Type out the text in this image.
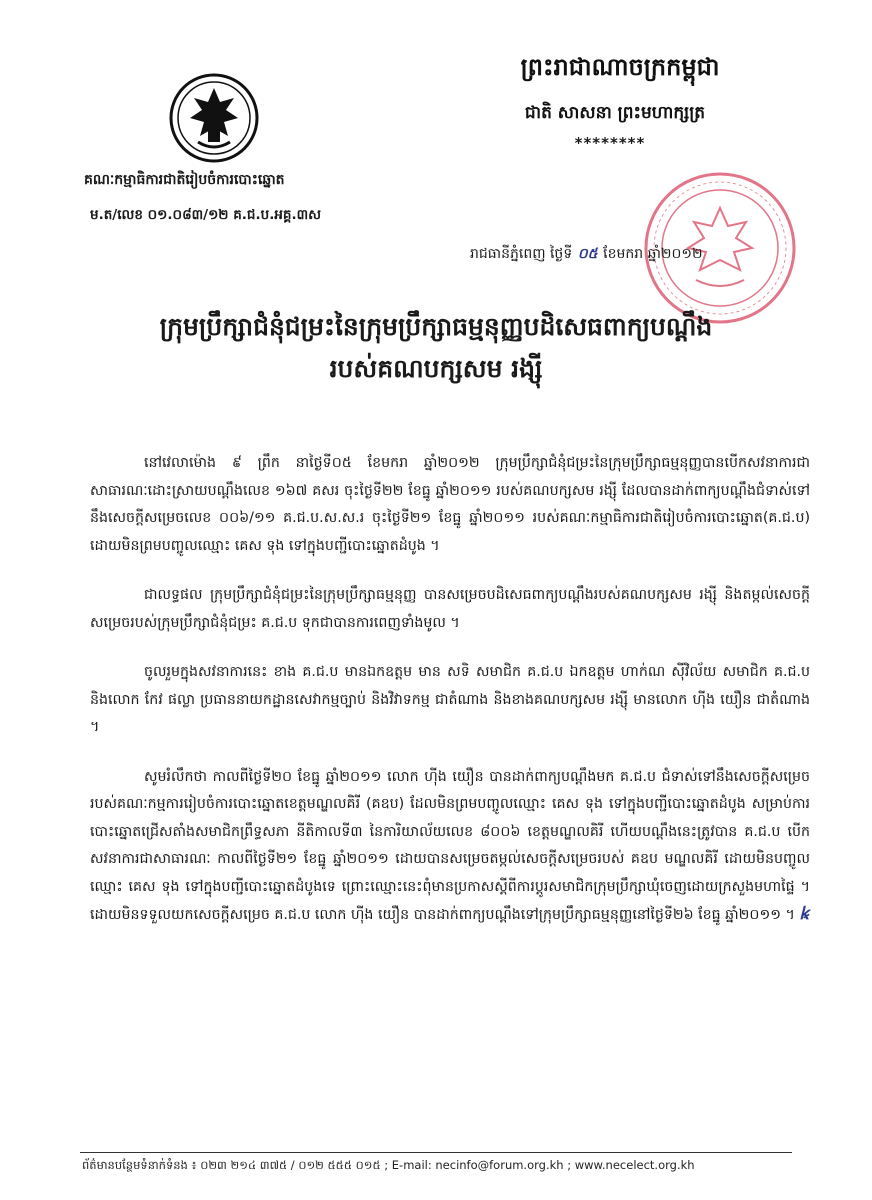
ព្រះរាជាណាចក្រកម្ពុជា
ជាតិ សាសនា ព្រះមហាក្សត្រ
********
គណៈកម្មាធិការជាតិរៀបចំការបោះឆ្នោត
ម.ត/លេខ ០១.០៨៣/១២ គ.ជ.ប.អគ្គ.៣ស
រាជធានីភ្នំពេញ ថ្ងៃទី ០៥ ខែមករា ឆ្នាំ២០១២
ក្រុមប្រឹក្សាជំនុំជម្រះនៃក្រុមប្រឹក្សាធម្មនុញ្ញបដិសេធពាក្យបណ្តឹង
របស់គណបក្សសម រង្ស៊ី

នៅវេលាម៉ោង ៩ ព្រឹក នាថ្ងៃទី០៥ ខែមករា ឆ្នាំ២០១២ ក្រុមប្រឹក្សាជំនុំជម្រះនៃក្រុមប្រឹក្សាធម្មនុញ្ញបានបើកសវនាការជាសាធារណៈដោះស្រាយបណ្តឹងលេខ ១៦៧ គសរ ចុះថ្ងៃទី២២ ខែធ្នូ ឆ្នាំ២០១១ របស់គណបក្សសម រង្ស៊ី ដែលបានដាក់ពាក្យបណ្តឹងជំទាស់ទៅនឹងសេចក្តីសម្រេចលេខ ០០៦/១១ គ.ជ.ប.ស.ស.រ ចុះថ្ងៃទី២១ ខែធ្នូ ឆ្នាំ២០១១ របស់គណៈកម្មាធិការជាតិរៀបចំការបោះឆ្នោត(គ.ជ.ប) ដោយមិនព្រមបញ្ចូលឈ្មោះ គេស ទុង ទៅក្នុងបញ្ជីបោះឆ្នោតដំបូង ។

ជាលទ្ធផល ក្រុមប្រឹក្សាជំនុំជម្រះនៃក្រុមប្រឹក្សាធម្មនុញ្ញ បានសម្រេចបដិសេធពាក្យបណ្តឹងរបស់គណបក្សសម រង្ស៊ី និងតម្កល់សេចក្តីសម្រេចរបស់ក្រុមប្រឹក្សាជំនុំជម្រះ គ.ជ.ប ទុកជាបានការពេញទាំងមូល ។

ចូលរួមក្នុងសវនាការនេះ ខាង គ.ជ.ប មានឯកឧត្តម មាន សទិ សមាជិក គ.ជ.ប ឯកឧត្តម ហាក់ណ ស៊ីវិល័យ សមាជិក គ.ជ.ប និងលោក កែវ ផល្លា ប្រធាននាយកដ្ឋានសេវាកម្មច្បាប់ និងវិវាទកម្ម ជាតំណាង និងខាងគណបក្សសម រង្ស៊ី មានលោក ហ៊ីង យឿន ជាតំណាង ។

សូមរំលឹកថា កាលពីថ្ងៃទី២០ ខែធ្នូ ឆ្នាំ២០១១ លោក ហ៊ីង យឿន បានដាក់ពាក្យបណ្តឹងមក គ.ជ.ប ជំទាស់ទៅនឹងសេចក្តីសម្រេចរបស់គណៈកម្មការរៀបចំការបោះឆ្នោតខេត្តមណ្ឌលគិរី (គឧប) ដែលមិនព្រមបញ្ចូលឈ្មោះ គេស ទុង ទៅក្នុងបញ្ជីបោះឆ្នោតដំបូង សម្រាប់ការបោះឆ្នោតជ្រើសតាំងសមាជិកព្រឹទ្ធសភា នីតិកាលទី៣ នៃការិយាល័យលេខ ៨០០៦ ខេត្តមណ្ឌលគិរី ហើយបណ្តឹងនេះត្រូវបាន គ.ជ.ប បើកសវនាការជាសាធារណៈ កាលពីថ្ងៃទី២១ ខែធ្នូ ឆ្នាំ២០១១ ដោយបានសម្រេចតម្កល់សេចក្តីសម្រេចរបស់ គឧប មណ្ឌលគិរី ដោយមិនបញ្ចូលឈ្មោះ គេស ទុង ទៅក្នុងបញ្ជីបោះឆ្នោតដំបូងទេ ព្រោះឈ្មោះនេះពុំមានប្រកាសស្តីពីការប្តូរសមាជិកក្រុមប្រឹក្សាឃុំចេញដោយក្រសួងមហាផ្ទៃ ។ ដោយមិនទទួលយកសេចក្តីសម្រេច គ.ជ.ប លោក ហ៊ីង យឿន បានដាក់ពាក្យបណ្តឹងទៅក្រុមប្រឹក្សាធម្មនុញ្ញនៅថ្ងៃទី២៦ ខែធ្នូ ឆ្នាំ២០១១ ។ ꝃ

ព័ត៌មានបន្ថែមទំនាក់ទំនង ៖ ០២៣ ២១៤ ៣៧៥ / ០១២ ៥៥៥ ០១៥ ; E-mail: necinfo@forum.org.kh ; www.necelect.org.kh
